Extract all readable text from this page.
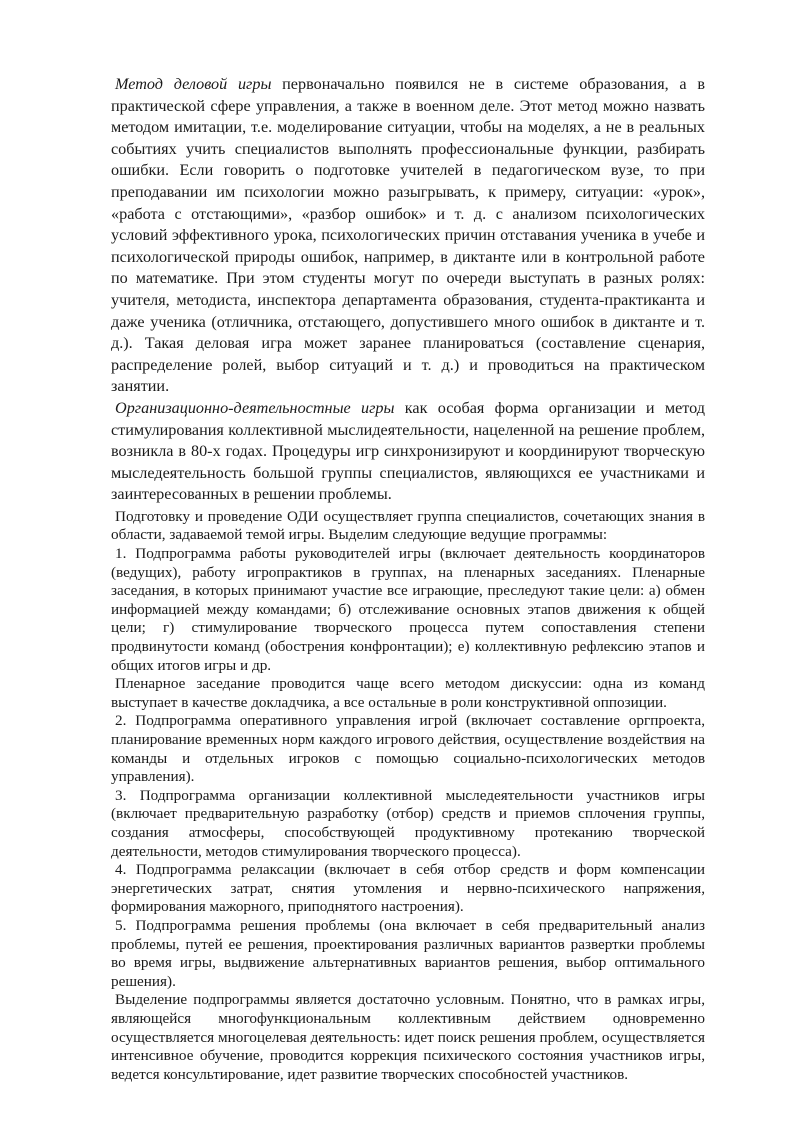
Метод деловой игры первоначально появился не в системе образования, а в практической сфере управления, а также в военном деле. Этот метод можно назвать методом имитации, т.е. моделирование ситуации, чтобы на моделях, а не в реальных событиях учить специалистов выполнять профессиональные функции, разбирать ошибки. Если говорить о подготовке учителей в педагогическом вузе, то при преподавании им психологии можно разыгрывать, к примеру, ситуации: «урок», «работа с отстающими», «разбор ошибок» и т. д. с анализом психологических условий эффективного урока, психологических причин отставания ученика в учебе и психологической природы ошибок, например, в диктанте или в контрольной работе по математике. При этом студенты могут по очереди выступать в разных ролях: учителя, методиста, инспектора департамента образования, студента-практиканта и даже ученика (отличника, отстающего, допустившего много ошибок в диктанте и т. д.). Такая деловая игра может заранее планироваться (составление сценария, распределение ролей, выбор ситуаций и т. д.) и проводиться на практическом занятии.

Организационно-деятельностные игры как особая форма организации и метод стимулирования коллективной мыслидеятельности, нацеленной на решение проблем, возникла в 80-х годах. Процедуры игр синхронизируют и координируют творческую мыследеятельность большой группы специалистов, являющихся ее участниками и заинтересованных в решении проблемы.

Подготовку и проведение ОДИ осуществляет группа специалистов, сочетающих знания в области, задаваемой темой игры. Выделим следующие ведущие программы:

1. Подпрограмма работы руководителей игры (включает деятельность координаторов (ведущих), работу игропрактиков в группах, на пленарных заседаниях. Пленарные заседания, в которых принимают участие все играющие, преследуют такие цели: а) обмен информацией между командами; б) отслеживание основных этапов движения к общей цели; г) стимулирование творческого процесса путем сопоставления степени продвинутости команд (обострения конфронтации); е) коллективную рефлексию этапов и общих итогов игры и др.

Пленарное заседание проводится чаще всего методом дискуссии: одна из команд выступает в качестве докладчика, а все остальные в роли конструктивной оппозиции.

2. Подпрограмма оперативного управления игрой (включает составление оргпроекта, планирование временных норм каждого игрового действия, осуществление воздействия на команды и отдельных игроков с помощью социально-психологических методов управления).

3. Подпрограмма организации коллективной мыследеятельности участников игры (включает предварительную разработку (отбор) средств и приемов сплочения группы, создания атмосферы, способствующей продуктивному протеканию творческой деятельности, методов стимулирования творческого процесса).

4. Подпрограмма релаксации (включает в себя отбор средств и форм компенсации энергетических затрат, снятия утомления и нервно-психического напряжения, формирования мажорного, приподнятого настроения).

5. Подпрограмма решения проблемы (она включает в себя предварительный анализ проблемы, путей ее решения, проектирования различных вариантов развертки проблемы во время игры, выдвижение альтернативных вариантов решения, выбор оптимального решения).

Выделение подпрограммы является достаточно условным. Понятно, что в рамках игры, являющейся многофункциональным коллективным действием одновременно осуществляется многоцелевая деятельность: идет поиск решения проблем, осуществляется интенсивное обучение, проводится коррекция психического состояния участников игры, ведется консультирование, идет развитие творческих способностей участников.
